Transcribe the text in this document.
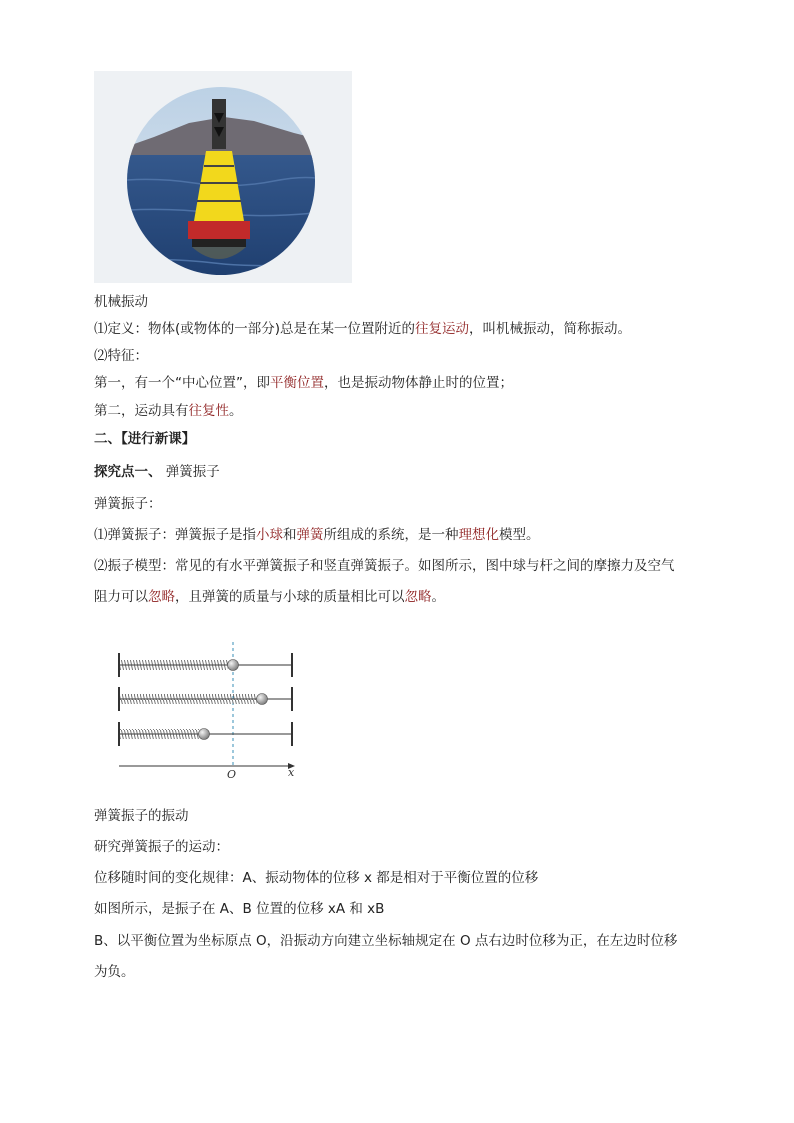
机械振动
⑴定义：物体(或物体的一部分)总是在某一位置附近的往复运动，叫机械振动，简称振动。
⑵特征：
第一，有一个“中心位置”，即平衡位置，也是振动物体静止时的位置；
第二，运动具有往复性。
二、【进行新课】
探究点一、 弹簧振子
弹簧振子：
⑴弹簧振子：弹簧振子是指小球和弹簧所组成的系统，是一种理想化模型。
⑵振子模型：常见的有水平弹簧振子和竖直弹簧振子。如图所示，图中球与杆之间的摩擦力及空气
阻力可以忽略，且弹簧的质量与小球的质量相比可以忽略。
O	x
弹簧振子的振动
研究弹簧振子的运动：
位移随时间的变化规律：A、振动物体的位移 x 都是相对于平衡位置的位移
如图所示，是振子在 A、B 位置的位移 xA 和 xB
B、以平衡位置为坐标原点 O，沿振动方向建立坐标轴规定在 O 点右边时位移为正，在左边时位移
为负。
